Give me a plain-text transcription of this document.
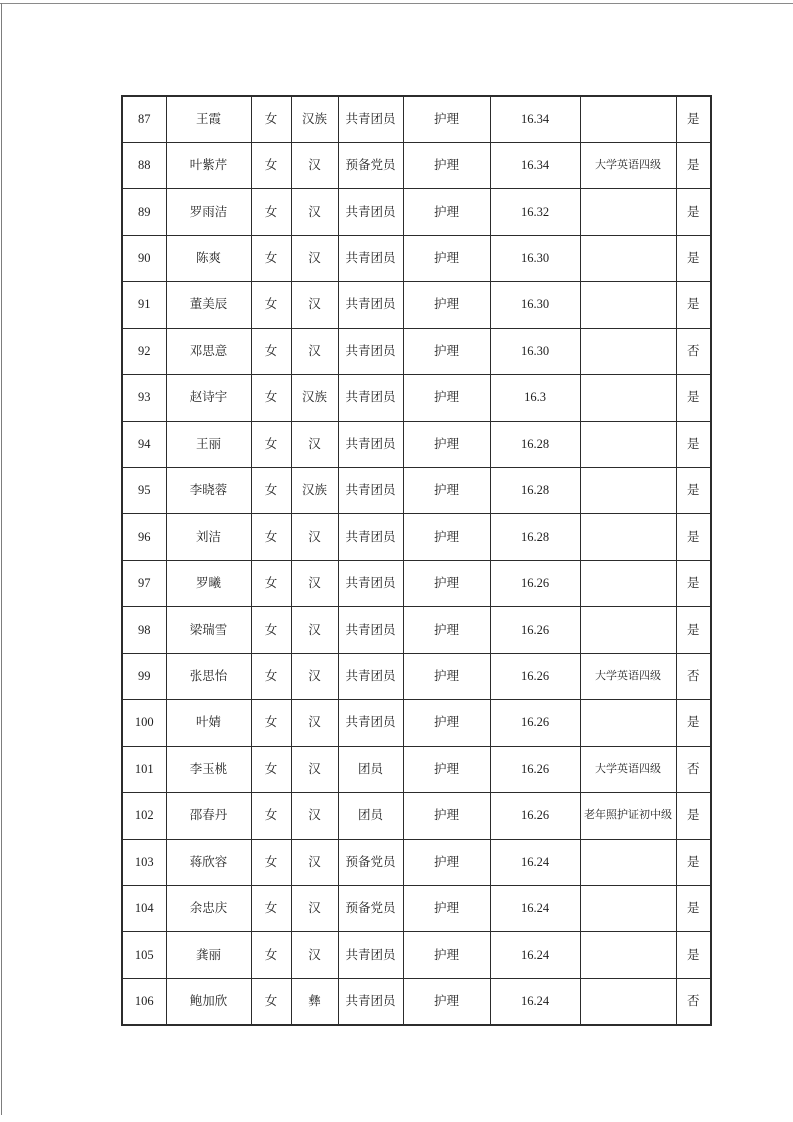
87	王霞	女	汉族	共青团员	护理	16.34		是
88	叶紫芹	女	汉	预备党员	护理	16.34	大学英语四级	是
89	罗雨洁	女	汉	共青团员	护理	16.32		是
90	陈爽	女	汉	共青团员	护理	16.30		是
91	董美辰	女	汉	共青团员	护理	16.30		是
92	邓思意	女	汉	共青团员	护理	16.30		否
93	赵诗宇	女	汉族	共青团员	护理	16.3		是
94	王丽	女	汉	共青团员	护理	16.28		是
95	李晓蓉	女	汉族	共青团员	护理	16.28		是
96	刘洁	女	汉	共青团员	护理	16.28		是
97	罗曦	女	汉	共青团员	护理	16.26		是
98	梁瑞雪	女	汉	共青团员	护理	16.26		是
99	张思怡	女	汉	共青团员	护理	16.26	大学英语四级	否
100	叶婧	女	汉	共青团员	护理	16.26		是
101	李玉桃	女	汉	团员	护理	16.26	大学英语四级	否
102	邵春丹	女	汉	团员	护理	16.26	老年照护证初中级	是
103	蒋欣容	女	汉	预备党员	护理	16.24		是
104	余忠庆	女	汉	预备党员	护理	16.24		是
105	龚丽	女	汉	共青团员	护理	16.24		是
106	鲍加欣	女	彝	共青团员	护理	16.24		否
